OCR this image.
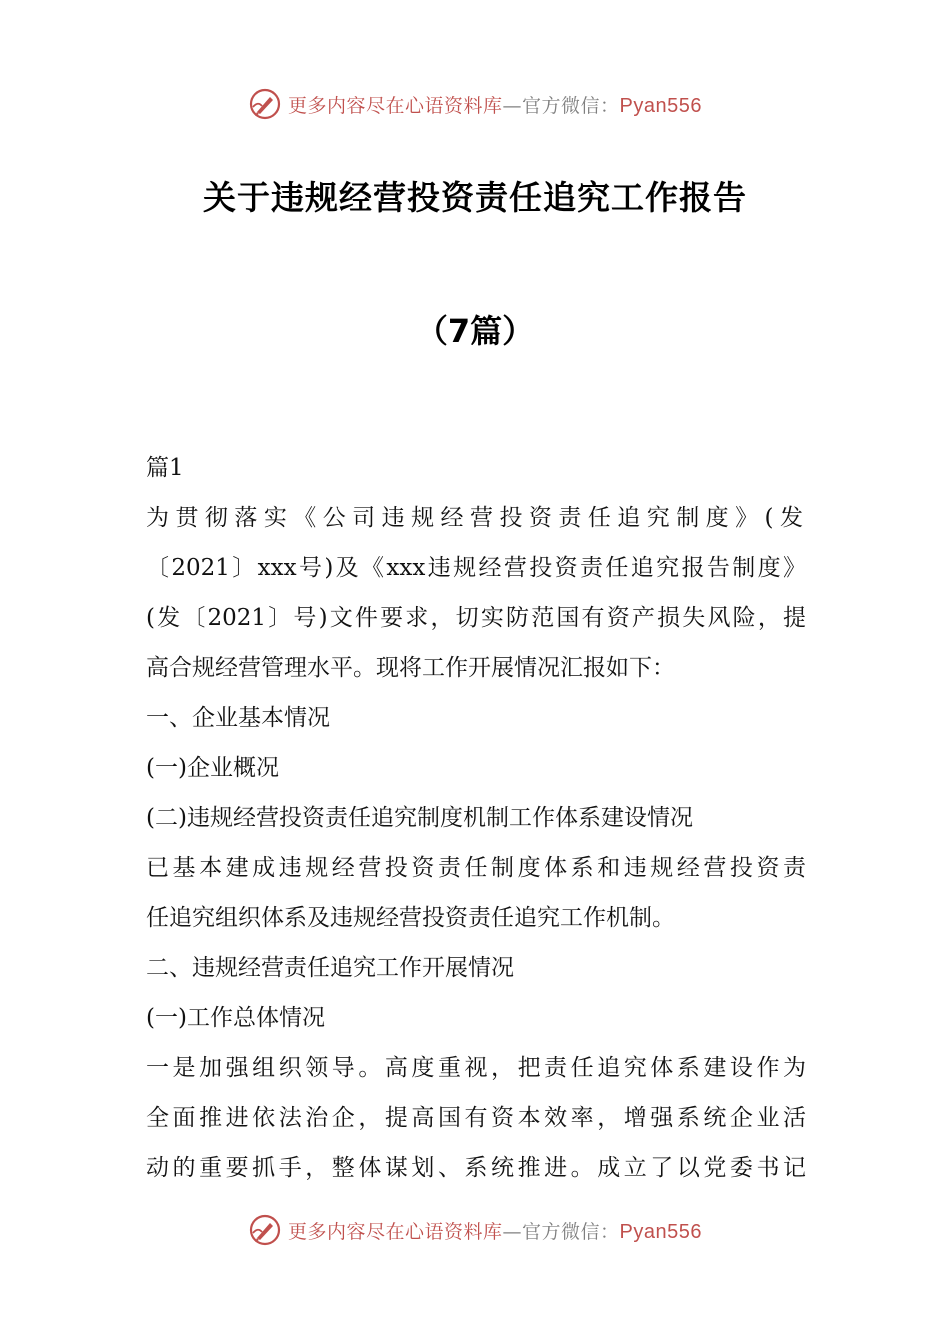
更多内容尽在心语资料库—官方微信：Pyan556
关于违规经营投资责任追究工作报告
（7篇）
篇1
为贯彻落实《公司违规经营投资责任追究制度》(发
〔2021〕xxx号)及《xxx违规经营投资责任追究报告制度》
(发〔2021〕号)文件要求，切实防范国有资产损失风险，提
高合规经营管理水平。现将工作开展情况汇报如下：
一、企业基本情况
(一)企业概况
(二)违规经营投资责任追究制度机制工作体系建设情况
已基本建成违规经营投资责任制度体系和违规经营投资责
任追究组织体系及违规经营投资责任追究工作机制。
二、违规经营责任追究工作开展情况
(一)工作总体情况
一是加强组织领导。高度重视，把责任追究体系建设作为
全面推进依法治企，提高国有资本效率，增强系统企业活
动的重要抓手，整体谋划、系统推进。成立了以党委书记
更多内容尽在心语资料库—官方微信：Pyan556
